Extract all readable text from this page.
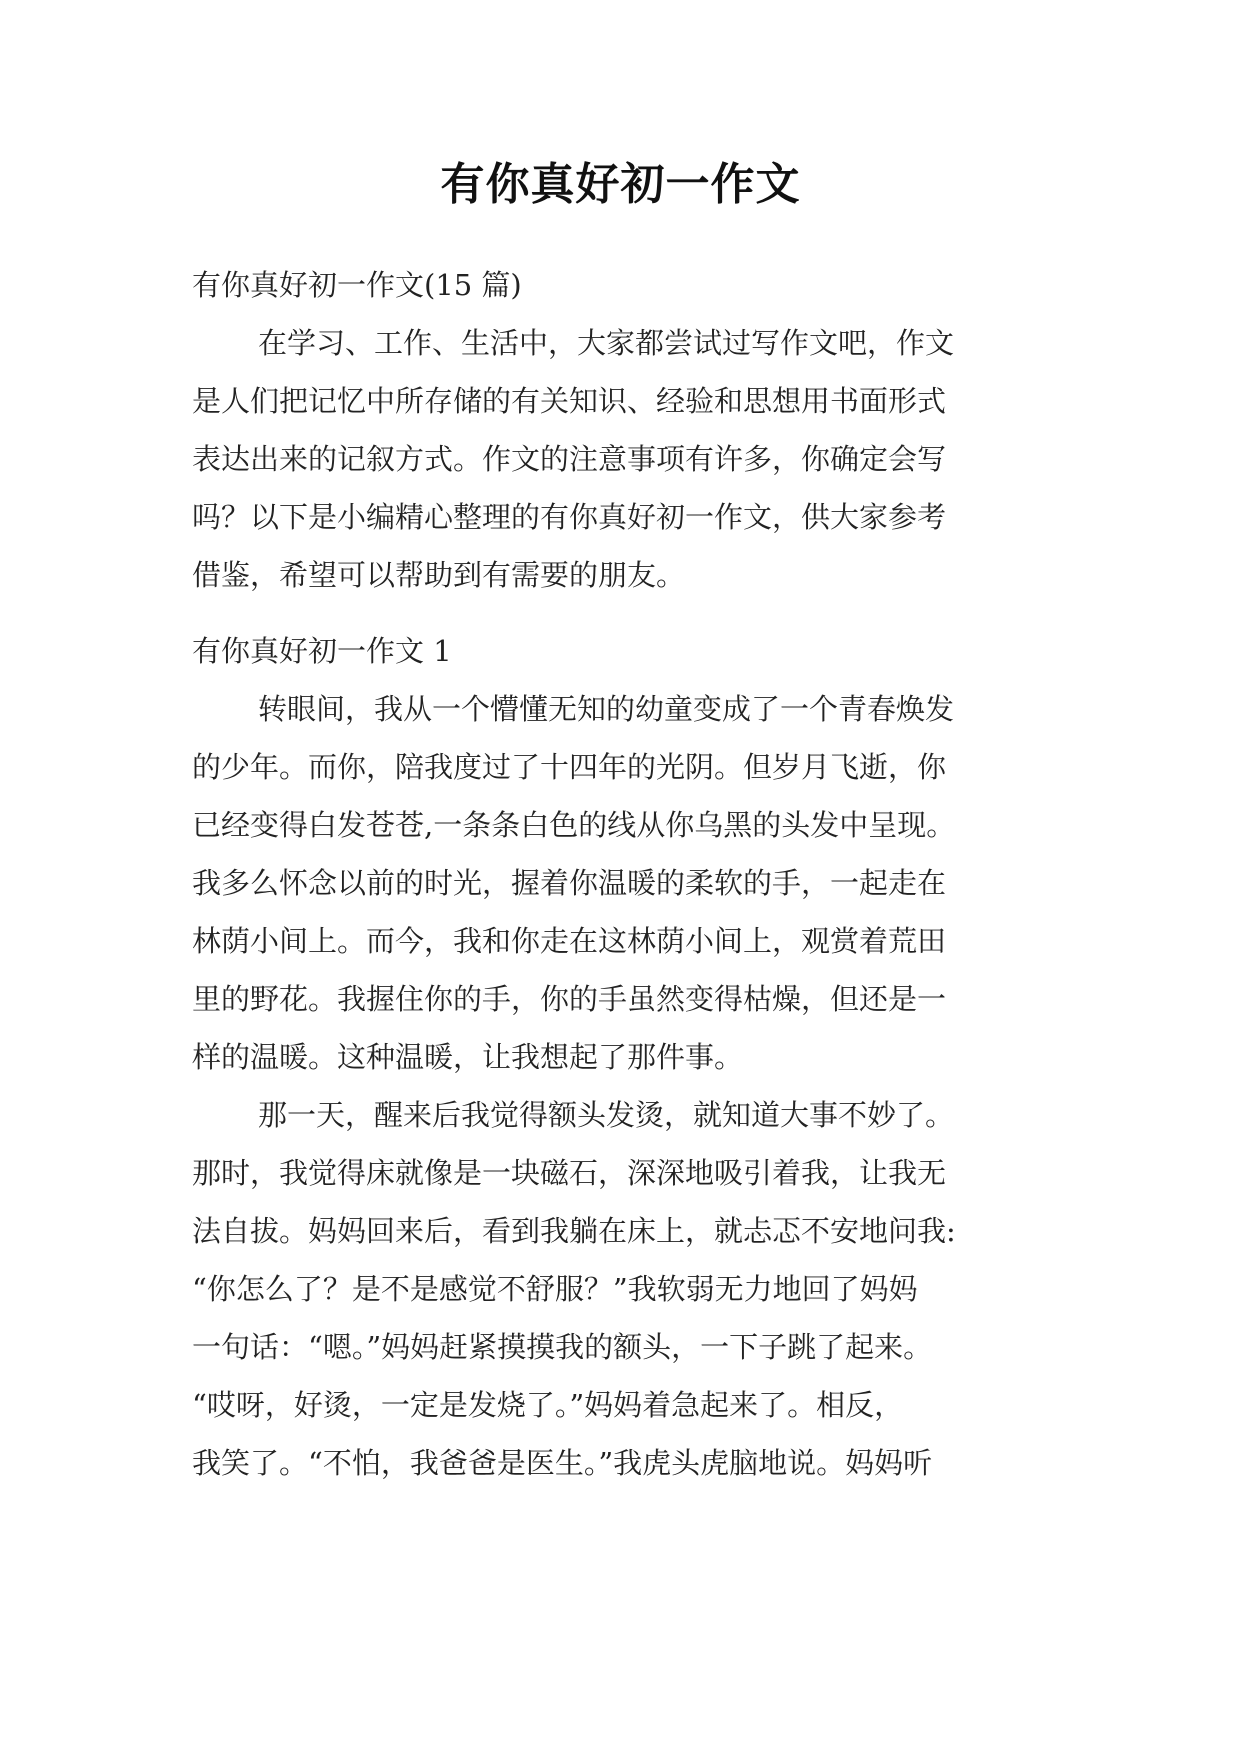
有你真好初一作文
有你真好初一作文(15 篇)
在学习、工作、生活中，大家都尝试过写作文吧，作文
是人们把记忆中所存储的有关知识、经验和思想用书面形式
表达出来的记叙方式。作文的注意事项有许多，你确定会写
吗？以下是小编精心整理的有你真好初一作文，供大家参考
借鉴，希望可以帮助到有需要的朋友。
有你真好初一作文 1
转眼间，我从一个懵懂无知的幼童变成了一个青春焕发
的少年。而你，陪我度过了十四年的光阴。但岁月飞逝，你
已经变得白发苍苍,一条条白色的线从你乌黑的头发中呈现。
我多么怀念以前的时光，握着你温暖的柔软的手，一起走在
林荫小间上。而今，我和你走在这林荫小间上，观赏着荒田
里的野花。我握住你的手，你的手虽然变得枯燥，但还是一
样的温暖。这种温暖，让我想起了那件事。
那一天，醒来后我觉得额头发烫，就知道大事不妙了。
那时，我觉得床就像是一块磁石，深深地吸引着我，让我无
法自拔。妈妈回来后，看到我躺在床上，就忐忑不安地问我:
“你怎么了？是不是感觉不舒服？”我软弱无力地回了妈妈
一句话：“嗯。”妈妈赶紧摸摸我的额头，一下子跳了起来。
“哎呀，好烫，一定是发烧了。”妈妈着急起来了。相反，
我笑了。“不怕，我爸爸是医生。”我虎头虎脑地说。妈妈听
